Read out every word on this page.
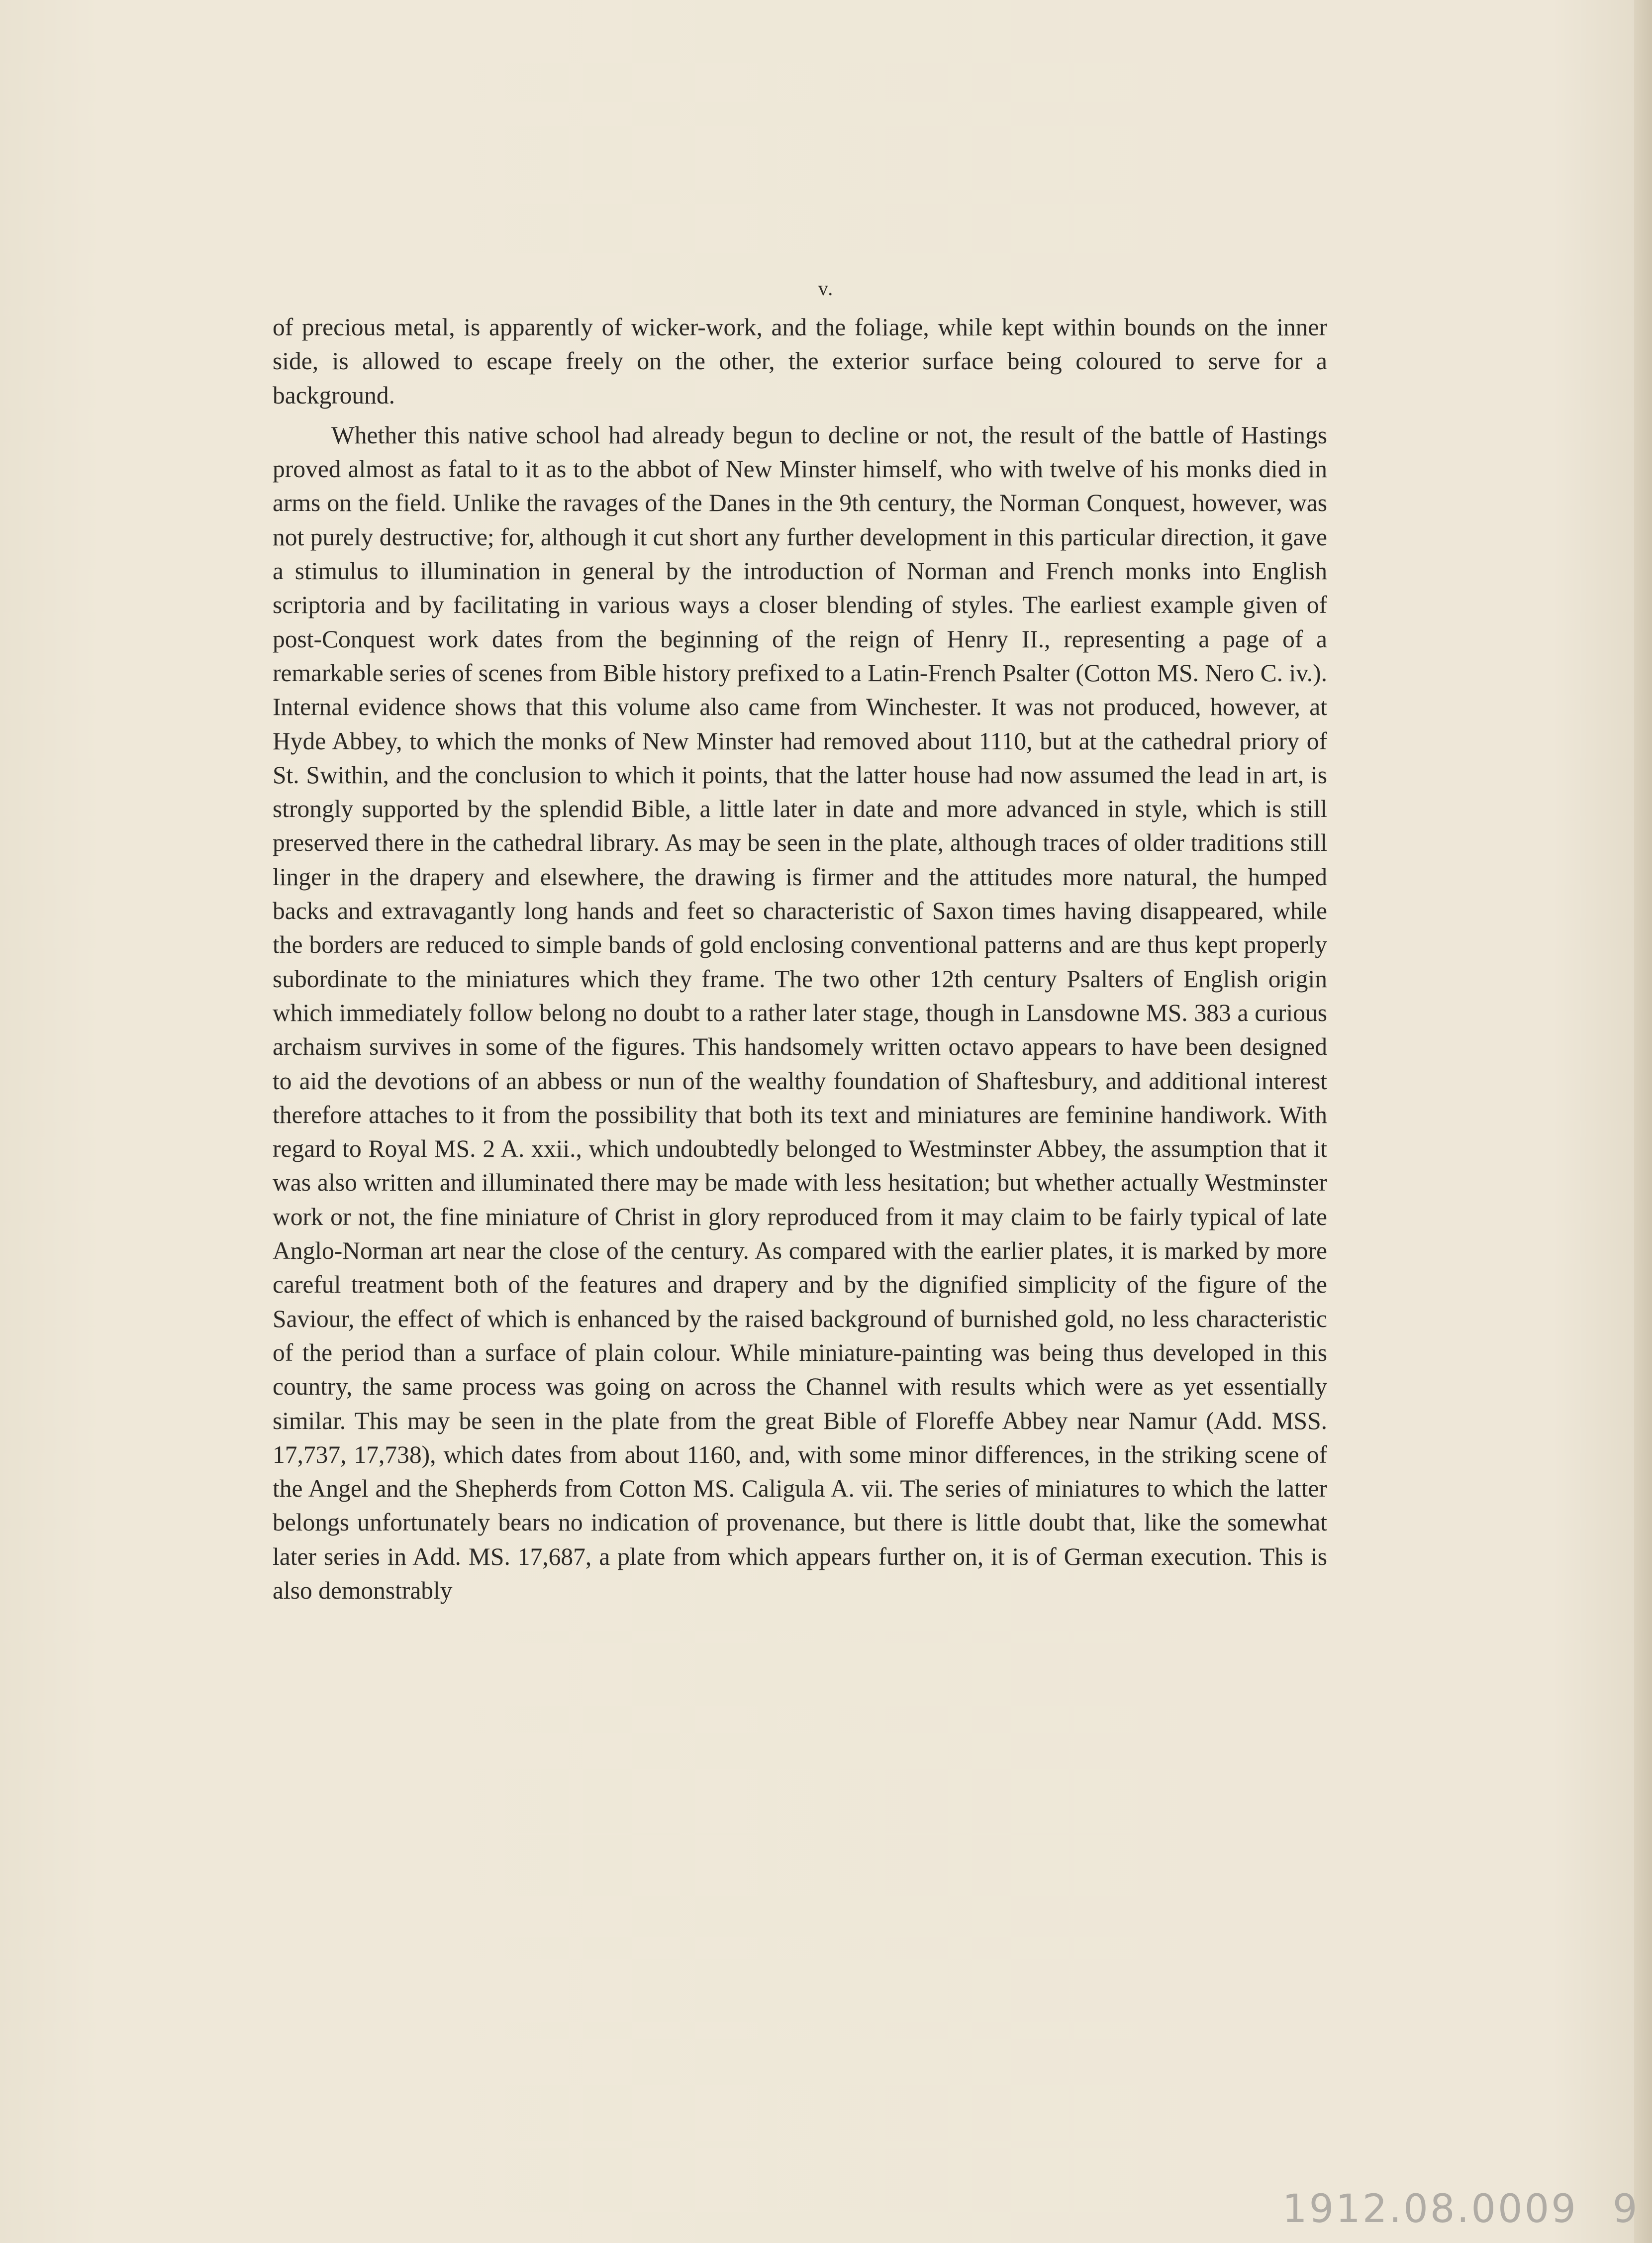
v.

of precious metal, is apparently of wicker-work, and the foliage, while kept within bounds on the inner side, is allowed to escape freely on the other, the exterior surface being coloured to serve for a background.

Whether this native school had already begun to decline or not, the result of the battle of Hastings proved almost as fatal to it as to the abbot of New Minster himself, who with twelve of his monks died in arms on the field. Unlike the ravages of the Danes in the 9th century, the Norman Conquest, however, was not purely destructive; for, although it cut short any further development in this particular direction, it gave a stimulus to illumination in general by the introduction of Norman and French monks into English scriptoria and by facilitating in various ways a closer blending of styles. The earliest example given of post-Conquest work dates from the beginning of the reign of Henry II., representing a page of a remarkable series of scenes from Bible history prefixed to a Latin-French Psalter (Cotton MS. Nero C. iv.). Internal evidence shows that this volume also came from Winchester. It was not produced, however, at Hyde Abbey, to which the monks of New Minster had removed about 1110, but at the cathedral priory of St. Swithin, and the conclusion to which it points, that the latter house had now assumed the lead in art, is strongly supported by the splendid Bible, a little later in date and more advanced in style, which is still preserved there in the cathedral library. As may be seen in the plate, although traces of older traditions still linger in the drapery and elsewhere, the drawing is firmer and the attitudes more natural, the humped backs and extravagantly long hands and feet so characteristic of Saxon times having disappeared, while the borders are reduced to simple bands of gold enclosing conventional patterns and are thus kept properly subordinate to the miniatures which they frame. The two other 12th century Psalters of English origin which immediately follow belong no doubt to a rather later stage, though in Lansdowne MS. 383 a curious archaism survives in some of the figures. This handsomely written octavo appears to have been designed to aid the devotions of an abbess or nun of the wealthy foundation of Shaftesbury, and additional interest therefore attaches to it from the possibility that both its text and miniatures are feminine handiwork. With regard to Royal MS. 2 A. xxii., which undoubtedly belonged to Westminster Abbey, the assumption that it was also written and illuminated there may be made with less hesitation; but whether actually Westminster work or not, the fine miniature of Christ in glory reproduced from it may claim to be fairly typical of late Anglo-Norman art near the close of the century. As compared with the earlier plates, it is marked by more careful treatment both of the features and drapery and by the dignified simplicity of the figure of the Saviour, the effect of which is enhanced by the raised background of burnished gold, no less characteristic of the period than a surface of plain colour. While miniature-painting was being thus developed in this country, the same process was going on across the Channel with results which were as yet essentially similar. This may be seen in the plate from the great Bible of Floreffe Abbey near Namur (Add. MSS. 17,737, 17,738), which dates from about 1160, and, with some minor differences, in the striking scene of the Angel and the Shepherds from Cotton MS. Caligula A. vii. The series of miniatures to which the latter belongs unfortunately bears no indication of provenance, but there is little doubt that, like the somewhat later series in Add. MS. 17,687, a plate from which appears further on, it is of German execution. This is also demonstrably

1912.08.0009 9
